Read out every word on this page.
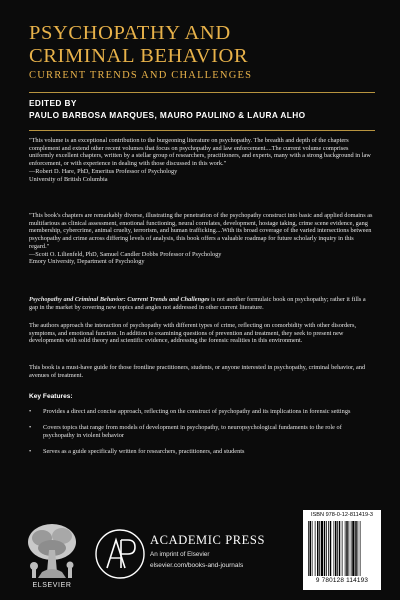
PSYCHOPATHY AND
CRIMINAL BEHAVIOR
CURRENT TRENDS AND CHALLENGES
EDITED BY
PAULO BARBOSA MARQUES, MAURO PAULINO & LAURA ALHO

"This volume is an exceptional contribution to the burgeoning literature on psychopathy. The breadth and depth of the chapters complement and extend other recent volumes that focus on psychopathy and law enforcement....The current volume comprises uniformly excellent chapters, written by a stellar group of researchers, practitioners, and experts, many with a strong background in law enforcement, or with experience in dealing with those discussed in this work."

—Robert D. Hare, PhD, Emeritus Professor of Psychology

University of British Columbia

"This book's chapters are remarkably diverse, illustrating the penetration of the psychopathy construct into basic and applied domains as multifarious as clinical assessment, emotional functioning, neural correlates, development, hostage taking, crime scene evidence, gang membership, cybercrime, animal cruelty, terrorism, and human trafficking....With its broad coverage of the varied intersections between psychopathy and crime across differing levels of analysis, this book offers a valuable roadmap for future scholarly inquiry in this regard."

—Scott O. Lilienfeld, PhD, Samuel Candler Dobbs Professor of Psychology

Emory University, Department of Psychology

Psychopathy and Criminal Behavior: Current Trends and Challenges is not another formulaic book on psychopathy; rather it fills a gap in the market by covering new topics and angles not addressed in other current literature.

The authors approach the interaction of psychopathy with different types of crime, reflecting on comorbidity with other disorders, symptoms, and emotional function. In addition to examining questions of prevention and treatment, they seek to present new developments with solid theory and scientific evidence, addressing the forensic realities in this environment.

This book is a must-have guide for those frontline practitioners, students, or anyone interested in psychopathy, criminal behavior, and avenues of treatment.

Key Features:
• Provides a direct and concise approach, reflecting on the construct of psychopathy and its implications in forensic settings
• Covers topics that range from models of development in psychopathy, to neuropsychological fundaments to the role of psychopathy in violent behavior
• Serves as a guide specifically written for researchers, practitioners, and students
ELSEVIER
ACADEMIC PRESS
An imprint of Elsevier
elsevier.com/books-and-journals
ISBN 978-0-12-811419-3
9 780128 114193
